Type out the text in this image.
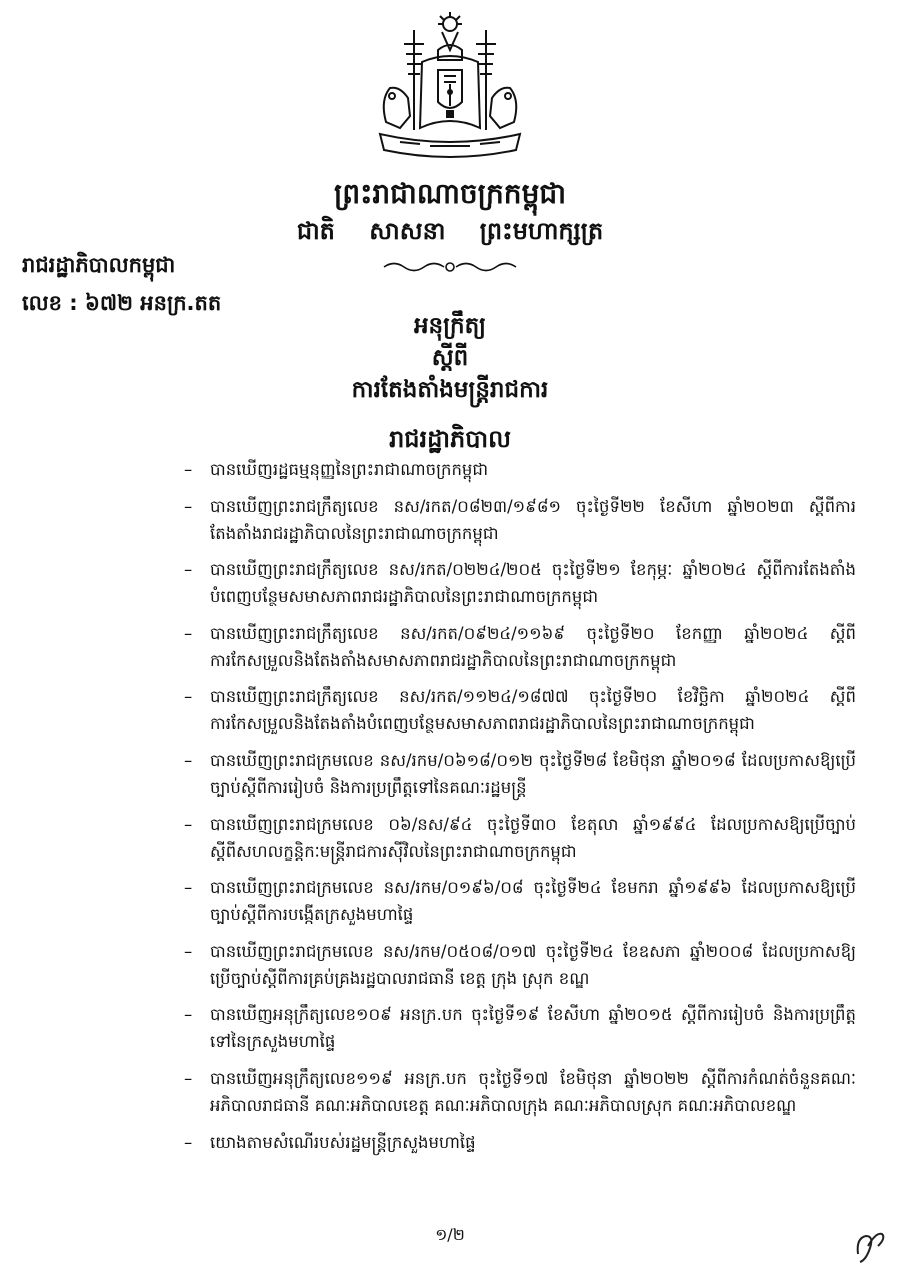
ព្រះរាជាណាចក្រកម្ពុជា
ជាតិ សាសនា ព្រះមហាក្សត្រ
រាជរដ្ឋាភិបាលកម្ពុជា
លេខ : ៦៧២ អនក្រ.តត
អនុក្រឹត្យ
ស្ដីពី
ការតែងតាំងមន្ត្រីរាជការ
រាជរដ្ឋាភិបាល
– បានឃើញរដ្ឋធម្មនុញ្ញនៃព្រះរាជាណាចក្រកម្ពុជា
– បានឃើញព្រះរាជក្រឹត្យលេខ នស/រកត/០៨២៣/១៩៨១ ចុះថ្ងៃទី២២ ខែសីហា ឆ្នាំ២០២៣ ស្ដីពីការតែងតាំងរាជរដ្ឋាភិបាលនៃព្រះរាជាណាចក្រកម្ពុជា
– បានឃើញព្រះរាជក្រឹត្យលេខ នស/រកត/០២២៤/២០៥ ចុះថ្ងៃទី២១ ខែកុម្ភៈ ឆ្នាំ២០២៤ ស្ដីពីការតែងតាំងបំពេញបន្ថែមសមាសភាពរាជរដ្ឋាភិបាលនៃព្រះរាជាណាចក្រកម្ពុជា
– បានឃើញព្រះរាជក្រឹត្យលេខ នស/រកត/០៩២៤/១១៦៩ ចុះថ្ងៃទី២០ ខែកញ្ញា ឆ្នាំ២០២៤ ស្ដីពីការកែសម្រួលនិងតែងតាំងសមាសភាពរាជរដ្ឋាភិបាលនៃព្រះរាជាណាចក្រកម្ពុជា
– បានឃើញព្រះរាជក្រឹត្យលេខ នស/រកត/១១២៤/១៨៧៧ ចុះថ្ងៃទី២០ ខែវិច្ឆិកា ឆ្នាំ២០២៤ ស្ដីពីការកែសម្រួលនិងតែងតាំងបំពេញបន្ថែមសមាសភាពរាជរដ្ឋាភិបាលនៃព្រះរាជាណាចក្រកម្ពុជា
– បានឃើញព្រះរាជក្រមលេខ នស/រកម/០៦១៨/០១២ ចុះថ្ងៃទី២៨ ខែមិថុនា ឆ្នាំ២០១៨ ដែលប្រកាសឱ្យប្រើច្បាប់ស្ដីពីការរៀបចំ និងការប្រព្រឹត្តទៅនៃគណៈរដ្ឋមន្ត្រី
– បានឃើញព្រះរាជក្រមលេខ ០៦/នស/៩៤ ចុះថ្ងៃទី៣០ ខែតុលា ឆ្នាំ១៩៩៤ ដែលប្រកាសឱ្យប្រើច្បាប់ស្ដីពីសហលក្ខន្តិកៈមន្ត្រីរាជការស៊ីវិលនៃព្រះរាជាណាចក្រកម្ពុជា
– បានឃើញព្រះរាជក្រមលេខ នស/រកម/០១៩៦/០៨ ចុះថ្ងៃទី២៤ ខែមករា ឆ្នាំ១៩៩៦ ដែលប្រកាសឱ្យប្រើច្បាប់ស្ដីពីការបង្កើតក្រសួងមហាផ្ទៃ
– បានឃើញព្រះរាជក្រមលេខ នស/រកម/០៥០៨/០១៧ ចុះថ្ងៃទី២៤ ខែឧសភា ឆ្នាំ២០០៨ ដែលប្រកាសឱ្យប្រើច្បាប់ស្ដីពីការគ្រប់គ្រងរដ្ឋបាលរាជធានី ខេត្ត ក្រុង ស្រុក ខណ្ឌ
– បានឃើញអនុក្រឹត្យលេខ១០៩ អនក្រ.បក ចុះថ្ងៃទី១៩ ខែសីហា ឆ្នាំ២០១៥ ស្ដីពីការរៀបចំ និងការប្រព្រឹត្តទៅនៃក្រសួងមហាផ្ទៃ
– បានឃើញអនុក្រឹត្យលេខ១១៩ អនក្រ.បក ចុះថ្ងៃទី១៧ ខែមិថុនា ឆ្នាំ២០២២ ស្ដីពីការកំណត់ចំនួនគណៈអភិបាលរាជធានី គណៈអភិបាលខេត្ត គណៈអភិបាលក្រុង គណៈអភិបាលស្រុក គណៈអភិបាលខណ្ឌ
– យោងតាមសំណើរបស់រដ្ឋមន្ត្រីក្រសួងមហាផ្ទៃ
១/២
